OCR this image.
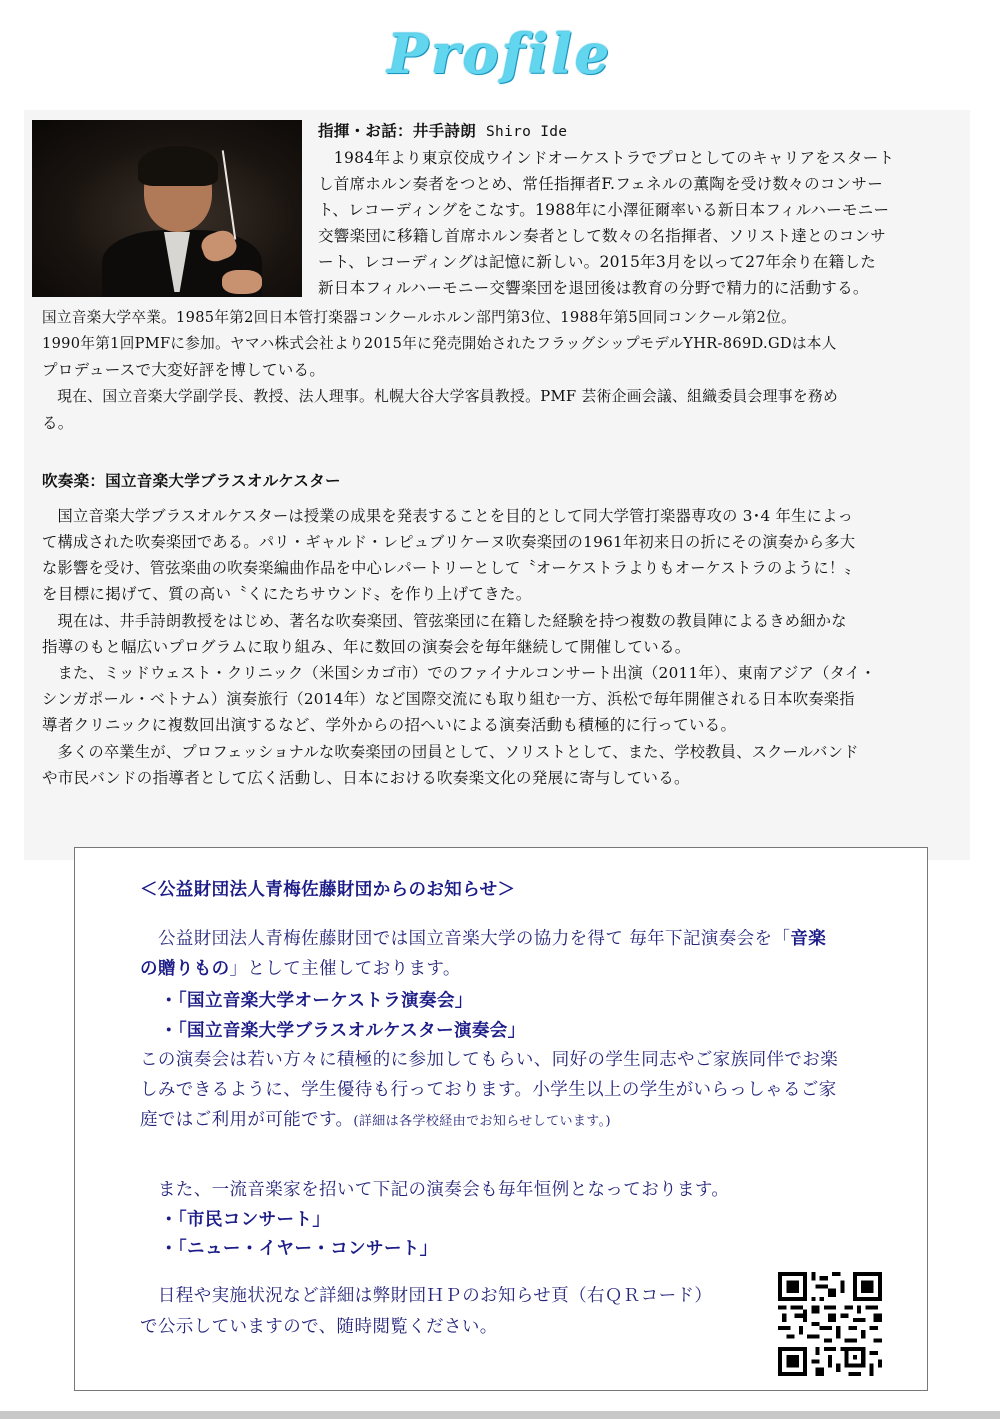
Profile
指揮・お話：井手詩朗 Shiro Ide
　1984年より東京佼成ウインドオーケストラでプロとしてのキャリアをスタート
し首席ホルン奏者をつとめ、常任指揮者F.フェネルの薫陶を受け数々のコンサー
ト、レコーディングをこなす。1988年に小澤征爾率いる新日本フィルハーモニー
交響楽団に移籍し首席ホルン奏者として数々の名指揮者、ソリスト達とのコンサ
ート、レコーディングは記憶に新しい。2015年3月を以って27年余り在籍した
新日本フィルハーモニー交響楽団を退団後は教育の分野で精力的に活動する。
国立音楽大学卒業。1985年第2回日本管打楽器コンクールホルン部門第3位、1988年第5回同コンクール第2位。
1990年第1回PMFに参加。ヤマハ株式会社より2015年に発売開始されたフラッグシップモデルYHR-869D.GDは本人
プロデュースで大変好評を博している。
　現在、国立音楽大学副学長、教授、法人理事。札幌大谷大学客員教授。PMF 芸術企画会議、組織委員会理事を務め
る。
吹奏楽：国立音楽大学ブラスオルケスター
　国立音楽大学ブラスオルケスターは授業の成果を発表することを目的として同大学管打楽器専攻の 3･4 年生によっ
て構成された吹奏楽団である。パリ・ギャルド・レピュブリケーヌ吹奏楽団の1961年初来日の折にその演奏から多大
な影響を受け、管弦楽曲の吹奏楽編曲作品を中心レパートリーとして〝オーケストラよりもオーケストラのように！〟
を目標に掲げて、質の高い〝くにたちサウンド〟を作り上げてきた。
　現在は、井手詩朗教授をはじめ、著名な吹奏楽団、管弦楽団に在籍した経験を持つ複数の教員陣によるきめ細かな
指導のもと幅広いプログラムに取り組み、年に数回の演奏会を毎年継続して開催している。
　また、ミッドウェスト・クリニック（米国シカゴ市）でのファイナルコンサート出演（2011年）、東南アジア（タイ・
シンガポール・ベトナム）演奏旅行（2014年）など国際交流にも取り組む一方、浜松で毎年開催される日本吹奏楽指
導者クリニックに複数回出演するなど、学外からの招へいによる演奏活動も積極的に行っている。
　多くの卒業生が、プロフェッショナルな吹奏楽団の団員として、ソリストとして、また、学校教員、スクールバンド
や市民バンドの指導者として広く活動し、日本における吹奏楽文化の発展に寄与している。
＜公益財団法人青梅佐藤財団からのお知らせ＞
　公益財団法人青梅佐藤財団では国立音楽大学の協力を得て 毎年下記演奏会を「音楽
の贈りもの」として主催しております。
・「国立音楽大学オーケストラ演奏会」
・「国立音楽大学ブラスオルケスター演奏会」
この演奏会は若い方々に積極的に参加してもらい、同好の学生同志やご家族同伴でお楽
しみできるように、学生優待も行っております。小学生以上の学生がいらっしゃるご家
庭ではご利用が可能です。(詳細は各学校経由でお知らせしています。)
　また、一流音楽家を招いて下記の演奏会も毎年恒例となっております。
・「市民コンサート」
・「ニュー・イヤー・コンサート」
　日程や実施状況など詳細は弊財団ＨＰのお知らせ頁（右ＱＲコード）
で公示していますので、随時閲覧ください。
